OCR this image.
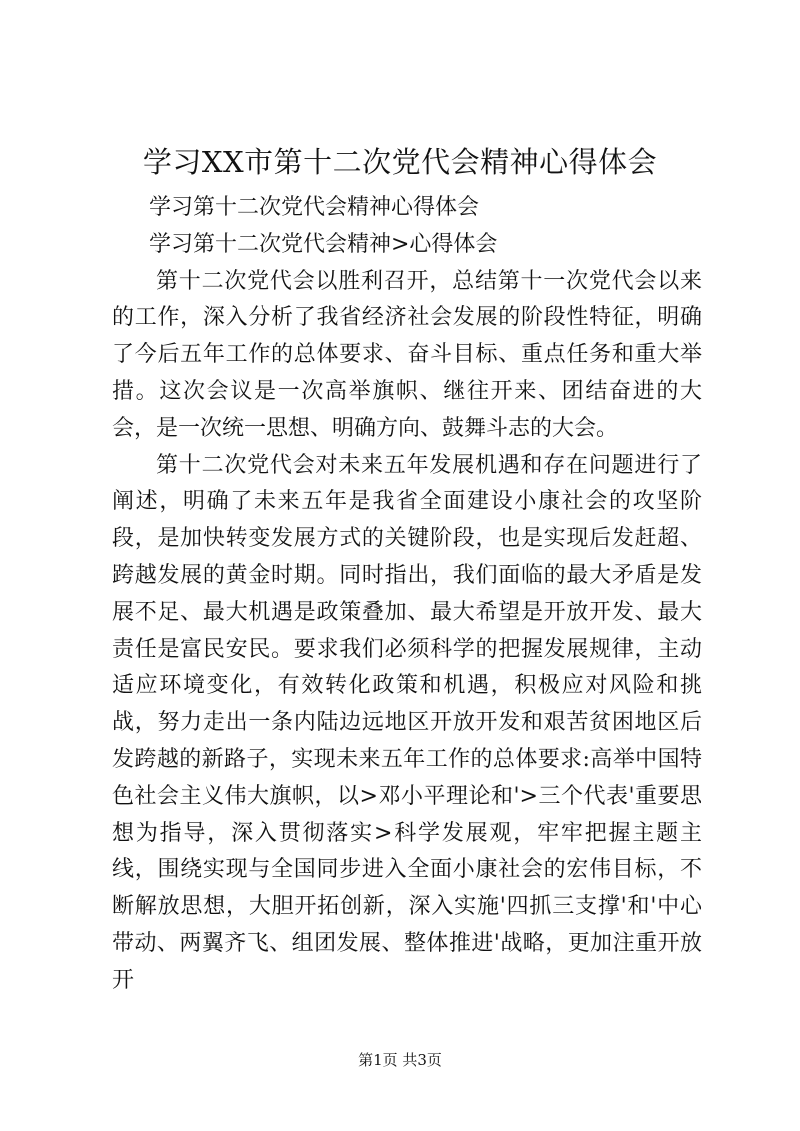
学习XX市第十二次党代会精神心得体会

学习第十二次党代会精神心得体会

学习第十二次党代会精神>心得体会

第十二次党代会以胜利召开，总结第十一次党代会以来的工作，深入分析了我省经济社会发展的阶段性特征，明确了今后五年工作的总体要求、奋斗目标、重点任务和重大举措。这次会议是一次高举旗帜、继往开来、团结奋进的大会，是一次统一思想、明确方向、鼓舞斗志的大会。

第十二次党代会对未来五年发展机遇和存在问题进行了阐述，明确了未来五年是我省全面建设小康社会的攻坚阶段，是加快转变发展方式的关键阶段，也是实现后发赶超、跨越发展的黄金时期。同时指出，我们面临的最大矛盾是发展不足、最大机遇是政策叠加、最大希望是开放开发、最大责任是富民安民。要求我们必须科学的把握发展规律，主动适应环境变化，有效转化政策和机遇，积极应对风险和挑战，努力走出一条内陆边远地区开放开发和艰苦贫困地区后发跨越的新路子，实现未来五年工作的总体要求:高举中国特色社会主义伟大旗帜，以>邓小平理论和'>三个代表'重要思想为指导，深入贯彻落实>科学发展观，牢牢把握主题主线，围绕实现与全国同步进入全面小康社会的宏伟目标，不断解放思想，大胆开拓创新，深入实施'四抓三支撑'和'中心带动、两翼齐飞、组团发展、整体推进'战略，更加注重开放开

第1页 共3页
